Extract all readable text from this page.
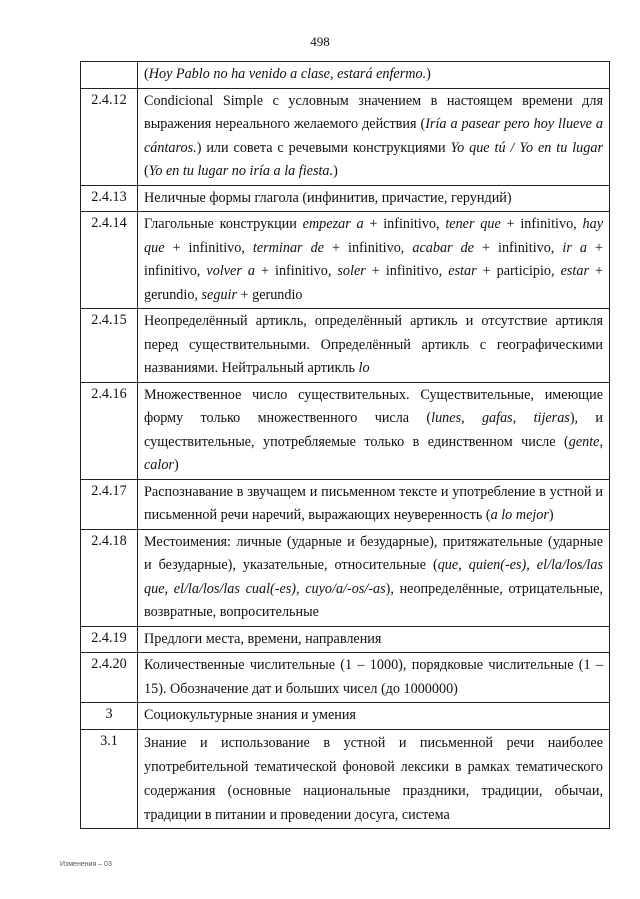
498
	(Hoy Pablo no ha venido a clase, estará enfermo.)
2.4.12	Condicional Simple с условным значением в настоящем времени для выражения нереального желаемого действия (Iría a pasear pero hoy llueve a cántaros.) или совета с речевыми конструкциями Yo que tú / Yo en tu lugar (Yo en tu lugar no iría a la fiesta.)
2.4.13	Неличные формы глагола (инфинитив, причастие, герундий)
2.4.14	Глагольные конструкции empezar a + infinitivo, tener que + infinitivo, hay que + infinitivo, terminar de + infinitivo, acabar de + infinitivo, ir a + infinitivo, volver a + infinitivo, soler + infinitivo, estar + participio, estar + gerundio, seguir + gerundio
2.4.15	Неопределённый артикль, определённый артикль и отсутствие артикля перед существительными. Определённый артикль с географическими названиями. Нейтральный артикль lo
2.4.16	Множественное число существительных. Существительные, имеющие форму только множественного числа (lunes, gafas, tijeras), и существительные, употребляемые только в единственном числе (gente, calor)
2.4.17	Распознавание в звучащем и письменном тексте и употребление в устной и письменной речи наречий, выражающих неуверенность (a lo mejor)
2.4.18	Местоимения: личные (ударные и безударные), притяжательные (ударные и безударные), указательные, относительные (que, quien(-es), el/la/los/las que, el/la/los/las cual(-es), cuyo/a/-os/-as), неопределённые, отрицательные, возвратные, вопросительные
2.4.19	Предлоги места, времени, направления
2.4.20	Количественные числительные (1 – 1000), порядковые числительные (1 – 15). Обозначение дат и больших чисел (до 1000000)
3	Социокультурные знания и умения
3.1	Знание и использование в устной и письменной речи наиболее употребительной тематической фоновой лексики в рамках тематического содержания (основные национальные праздники, традиции, обычаи, традиции в питании и проведении досуга, система
Изменения – 03
